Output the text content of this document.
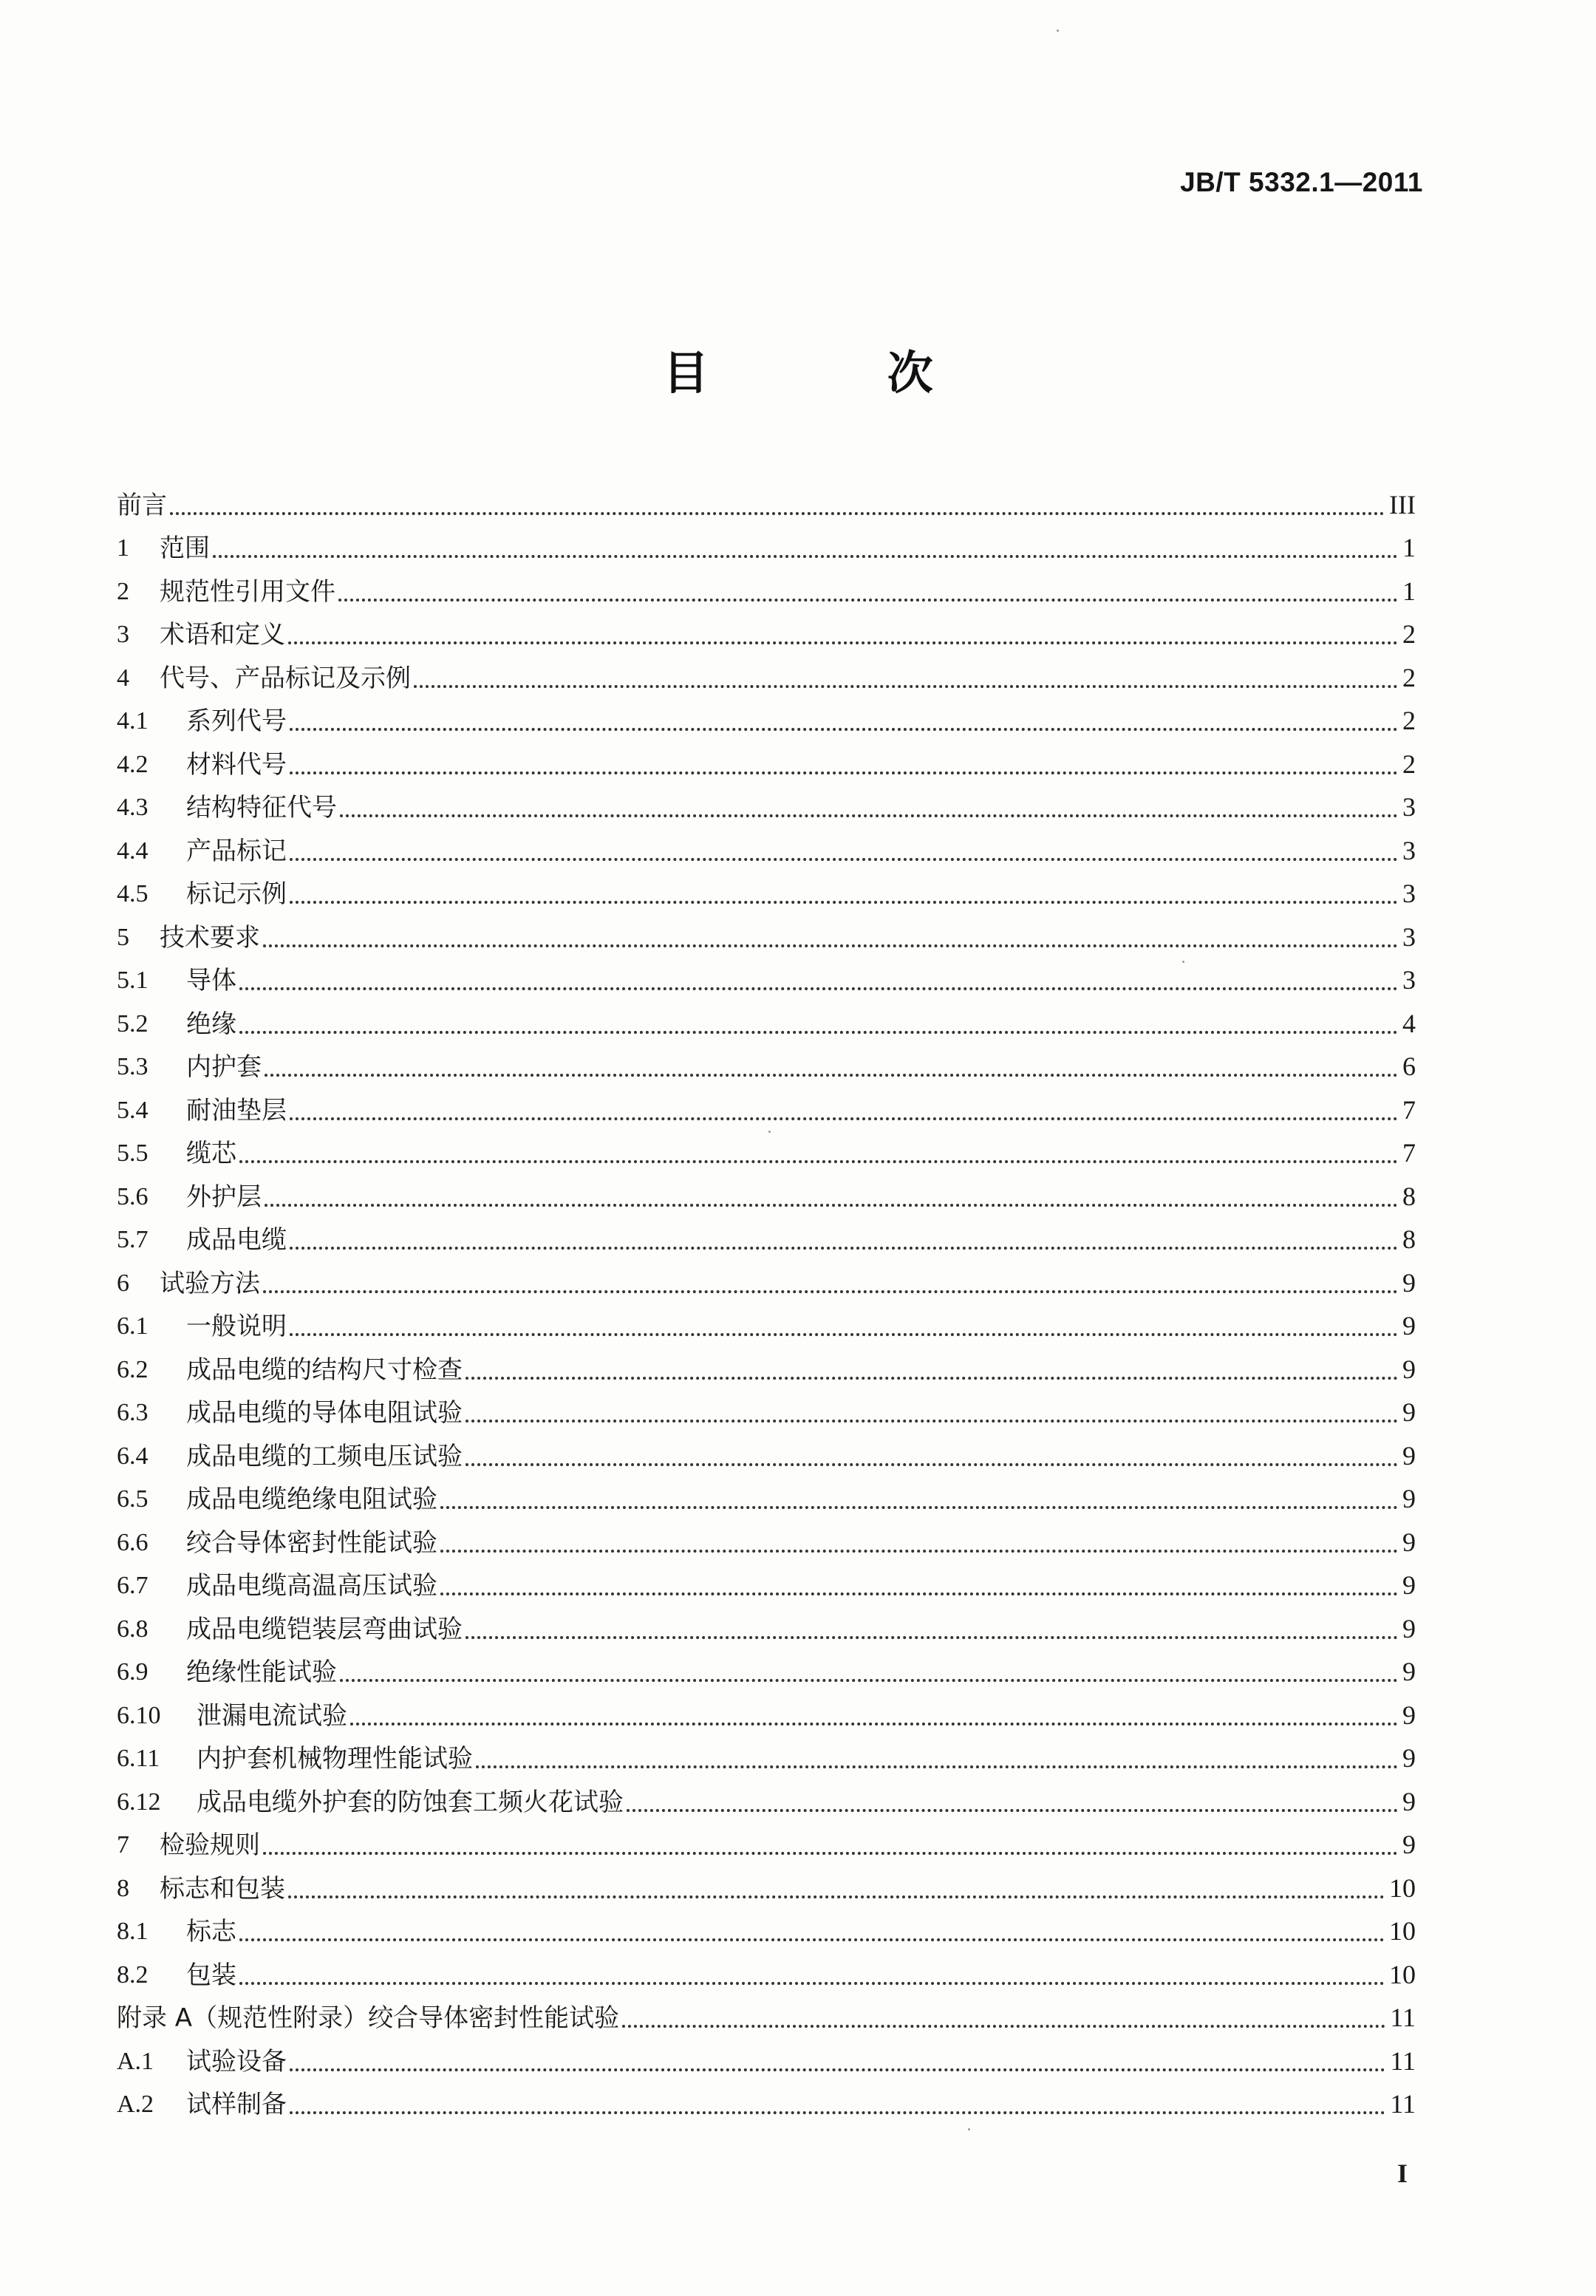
JB/T 5332.1—2011
目 次
前言	III
1	范围	1
2	规范性引用文件	1
3	术语和定义	2
4	代号、产品标记及示例	2
4.1	系列代号	2
4.2	材料代号	2
4.3	结构特征代号	3
4.4	产品标记	3
4.5	标记示例	3
5	技术要求	3
5.1	导体	3
5.2	绝缘	4
5.3	内护套	6
5.4	耐油垫层	7
5.5	缆芯	7
5.6	外护层	8
5.7	成品电缆	8
6	试验方法	9
6.1	一般说明	9
6.2	成品电缆的结构尺寸检查	9
6.3	成品电缆的导体电阻试验	9
6.4	成品电缆的工频电压试验	9
6.5	成品电缆绝缘电阻试验	9
6.6	绞合导体密封性能试验	9
6.7	成品电缆高温高压试验	9
6.8	成品电缆铠装层弯曲试验	9
6.9	绝缘性能试验	9
6.10	泄漏电流试验	9
6.11	内护套机械物理性能试验	9
6.12	成品电缆外护套的防蚀套工频火花试验	9
7	检验规则	9
8	标志和包装	10
8.1	标志	10
8.2	包装	10
附录 A（规范性附录）绞合导体密封性能试验	11
A.1	试验设备	11
A.2	试样制备	11
I
